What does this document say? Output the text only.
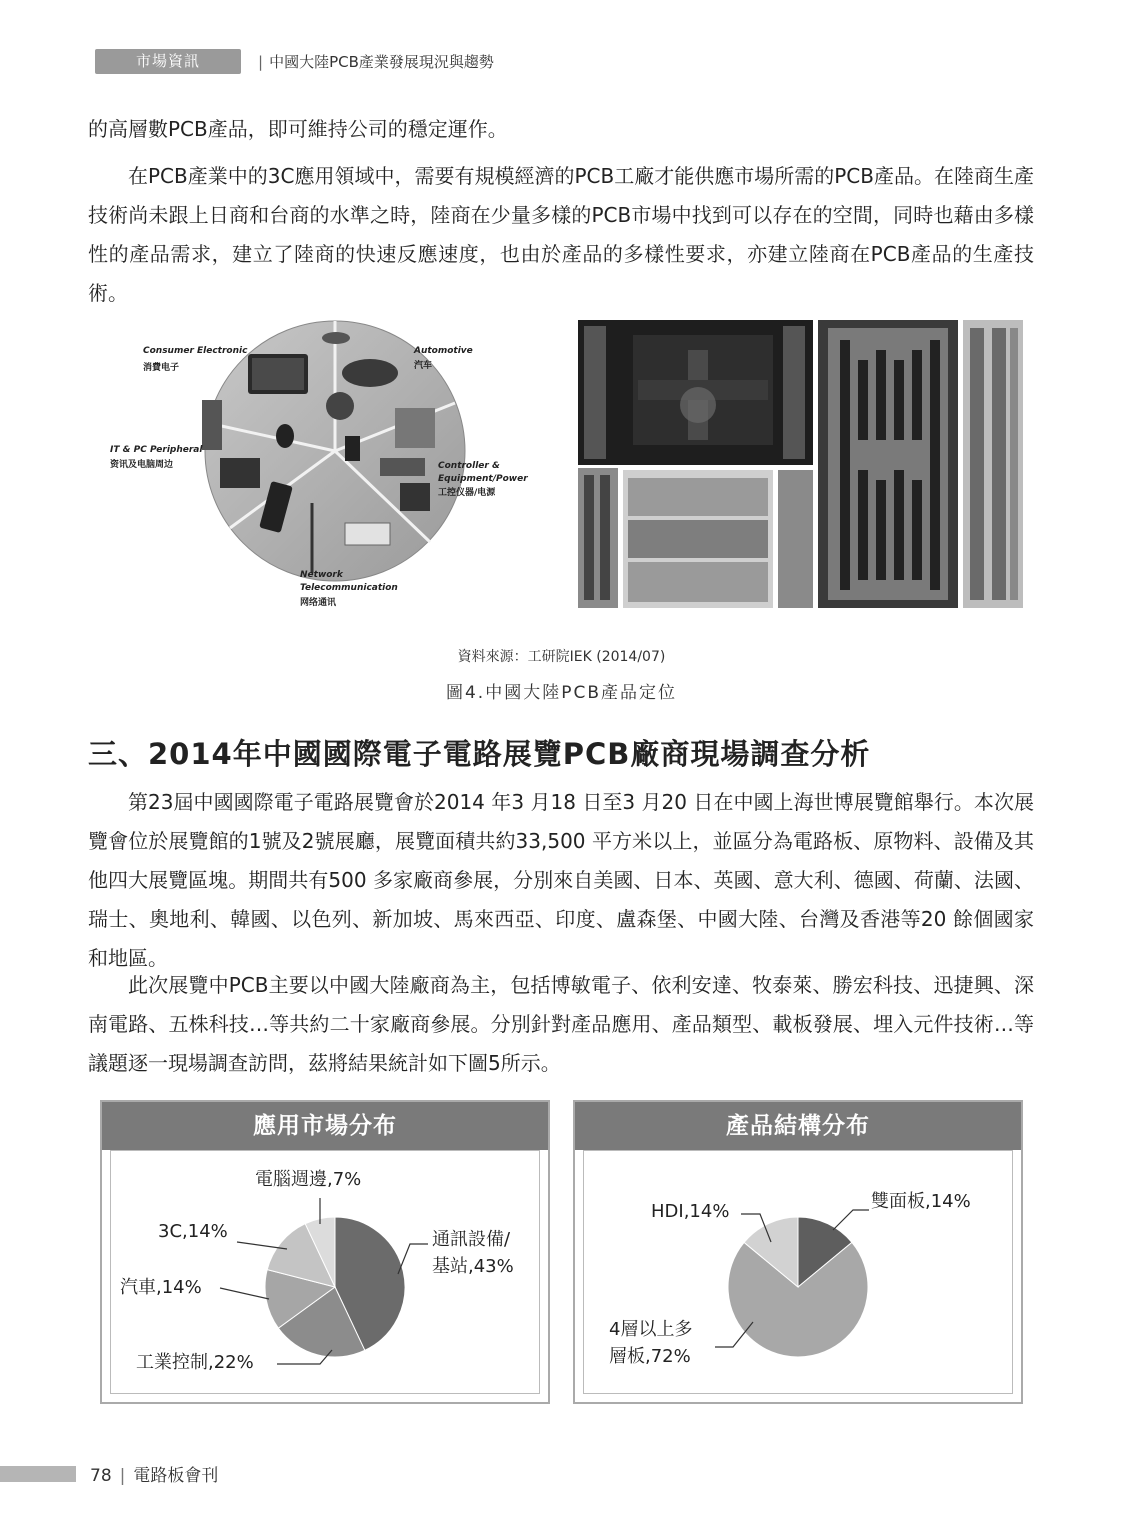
市場資訊	| 中國大陸PCB產業發展現況與趨勢

的高層數PCB產品，即可維持公司的穩定運作。

在PCB產業中的3C應用領域中，需要有規模經濟的PCB工廠才能供應市場所需的PCB產品。在陸商生產技術尚未跟上日商和台商的水準之時，陸商在少量多樣的PCB市場中找到可以存在的空間，同時也藉由多樣性的產品需求，建立了陸商的快速反應速度，也由於產品的多樣性要求，亦建立陸商在PCB產品的生產技術。

Consumer Electronic
消費电子
Automotive
汽车
IT & PC Peripheral
资讯及电脑周边	Controller &
Equipment/Power
工控仪器/电源
Network
Telecommunication
网络通讯
資料來源：工研院IEK (2014/07)
圖4.中國大陸PCB產品定位
三、2014年中國國際電子電路展覽PCB廠商現場調查分析

第23屆中國國際電子電路展覽會於2014 年3 月18 日至3 月20 日在中國上海世博展覽館舉行。本次展覽會位於展覽館的1號及2號展廳，展覽面積共約33,500 平方米以上，並區分為電路板、原物料、設備及其他四大展覽區塊。期間共有500 多家廠商參展，分別來自美國、日本、英國、意大利、德國、荷蘭、法國、瑞士、奧地利、韓國、以色列、新加坡、馬來西亞、印度、盧森堡、中國大陸、台灣及香港等20 餘個國家和地區。

此次展覽中PCB主要以中國大陸廠商為主，包括博敏電子、依利安達、牧泰萊、勝宏科技、迅捷興、深南電路、五株科技…等共約二十家廠商參展。分別針對產品應用、產品類型、載板發展、埋入元件技術…等議題逐一現場調查訪問，茲將結果統計如下圖5所示。

應用市場分布
電腦週邊,7%
3C,14%
汽車,14%
工業控制,22%
通訊設備/
基站,43%
產品結構分布
雙面板,14%
HDI,14%
4層以上多
層板,72%
78 | 電路板會刊
